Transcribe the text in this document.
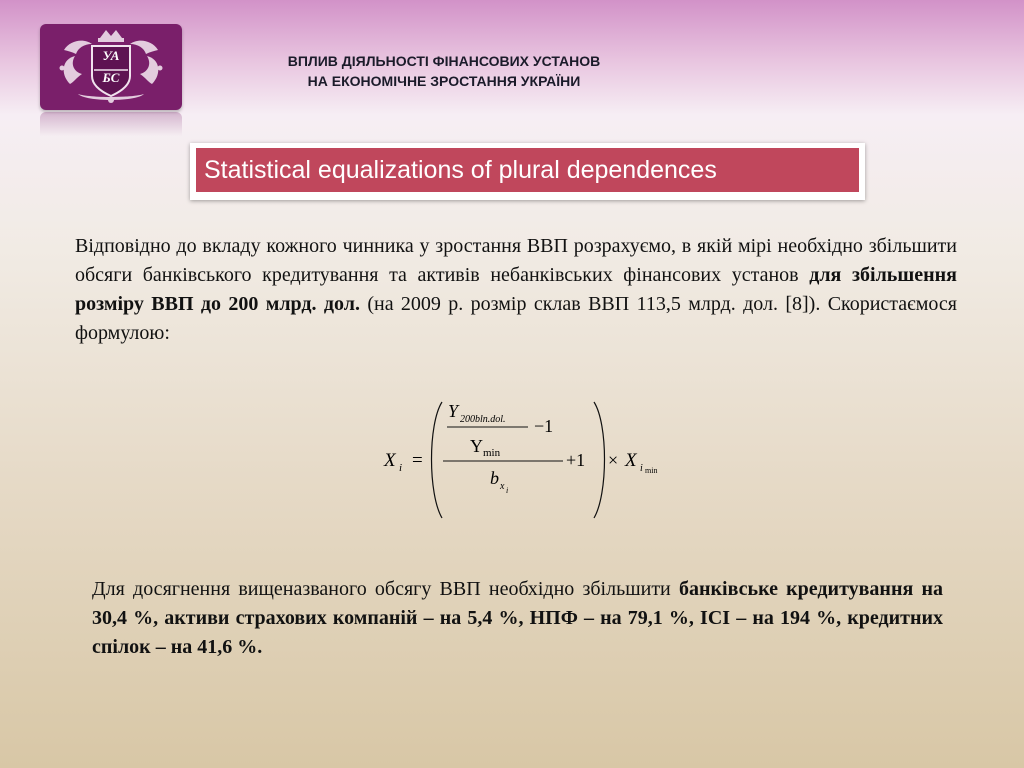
УА
БС
ВПЛИВ ДІЯЛЬНОСТІ ФІНАНСОВИХ УСТАНОВ
НА ЕКОНОМІЧНЕ ЗРОСТАННЯ УКРАЇНИ
Statistical equalizations of plural dependences
Відповідно до вкладу кожного чинника у зростання ВВП розрахуємо, в якій мірі необхідно збільшити обсяги банківського кредитування та активів небанківських фінансових установ для збільшення розміру ВВП до 200 млрд. дол. (на 2009 р. розмір склав ВВП 113,5 млрд. дол. [8]). Скористаємося формулою:
X i =
Y 200bln.dol. −1
Y min
b x i
+1 × X i min
Для досягнення вищеназваного обсягу ВВП необхідно збільшити банківське кредитування на 30,4 %, активи страхових компаній – на 5,4 %, НПФ – на 79,1 %, ІСІ – на 194 %, кредитних спілок – на 41,6 %.
